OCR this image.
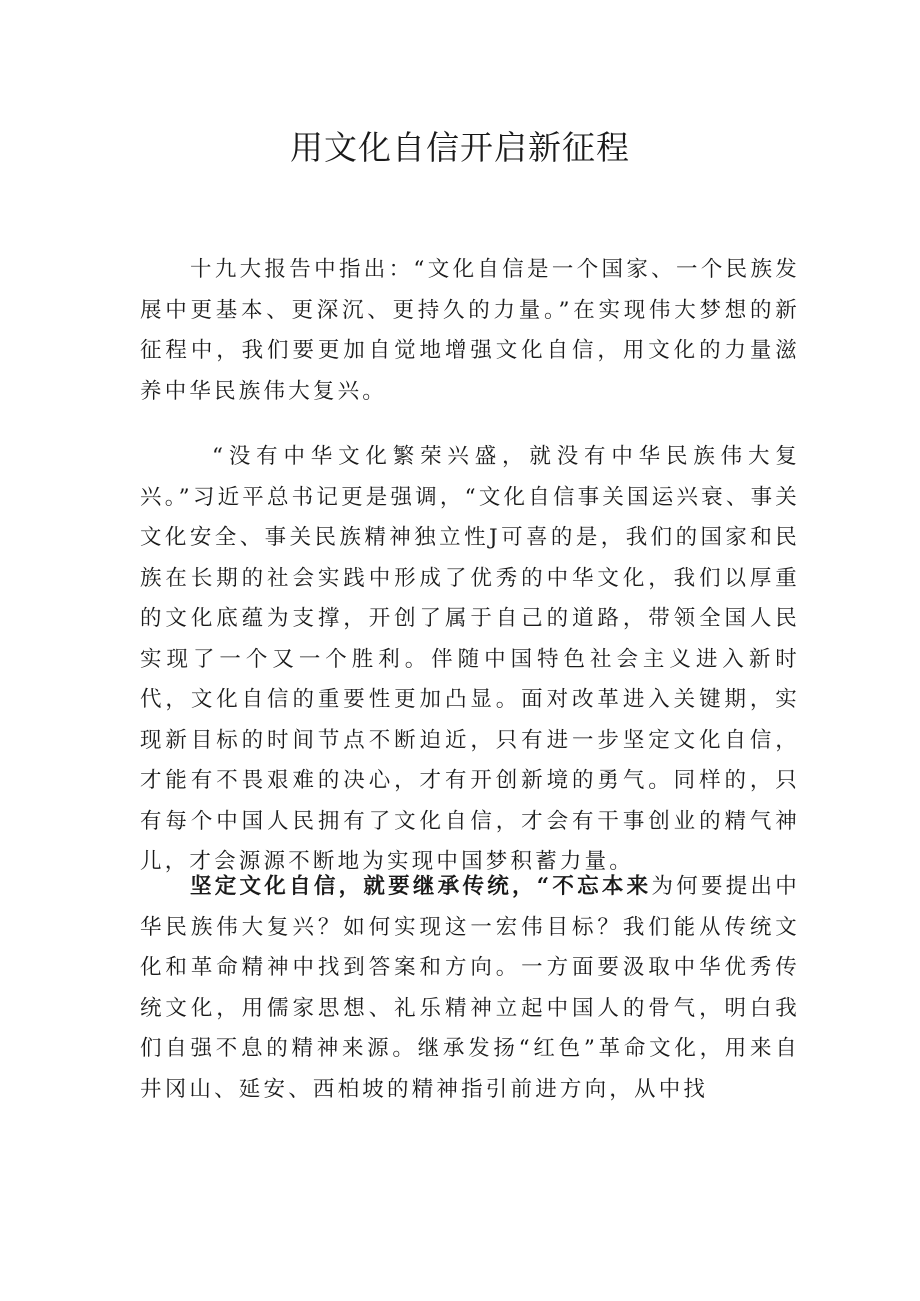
用文化自信开启新征程

十九大报告中指出：“文化自信是一个国家、一个民族发展中更基本、更深沉、更持久的力量。”在实现伟大梦想的新征程中，我们要更加自觉地增强文化自信，用文化的力量滋养中华民族伟大复兴。

“没有中华文化繁荣兴盛，就没有中华民族伟大复兴。”习近平总书记更是强调，“文化自信事关国运兴衰、事关文化安全、事关民族精神独立性J可喜的是，我们的国家和民族在长期的社会实践中形成了优秀的中华文化，我们以厚重的文化底蕴为支撑，开创了属于自己的道路，带领全国人民实现了一个又一个胜利。伴随中国特色社会主义进入新时代，文化自信的重要性更加凸显。面对改革进入关键期，实现新目标的时间节点不断迫近，只有进一步坚定文化自信，才能有不畏艰难的决心，才有开创新境的勇气。同样的，只有每个中国人民拥有了文化自信，才会有干事创业的精气神儿，才会源源不断地为实现中国梦积蓄力量。

坚定文化自信，就要继承传统，“不忘本来为何要提出中华民族伟大复兴？如何实现这一宏伟目标？我们能从传统文化和革命精神中找到答案和方向。一方面要汲取中华优秀传统文化，用儒家思想、礼乐精神立起中国人的骨气，明白我们自强不息的精神来源。继承发扬“红色”革命文化，用来自井冈山、延安、西柏坡的精神指引前进方向，从中找
